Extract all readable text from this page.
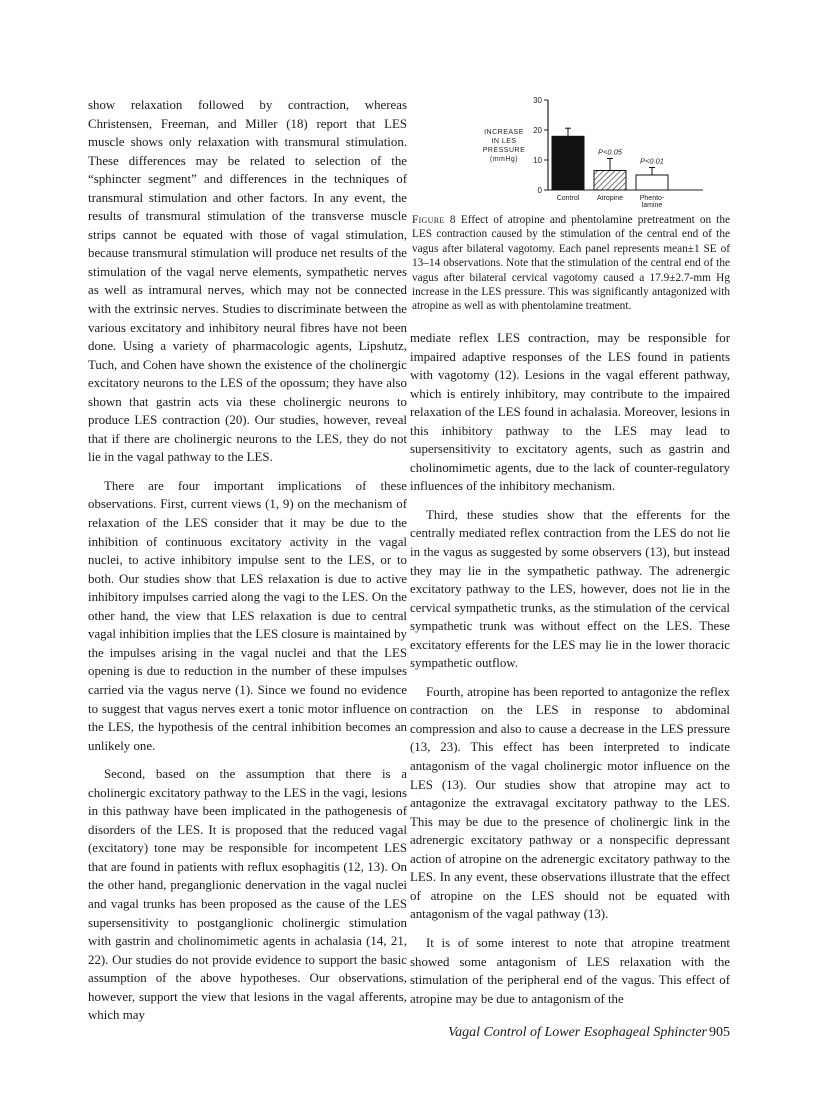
show relaxation followed by contraction, whereas Christensen, Freeman, and Miller (18) report that LES muscle shows only relaxation with transmural stimulation. These differences may be related to selection of the “sphincter segment” and differences in the techniques of transmural stimulation and other factors. In any event, the results of transmural stimulation of the transverse muscle strips cannot be equated with those of vagal stimulation, because transmural stimulation will produce net results of the stimulation of the vagal nerve elements, sympathetic nerves as well as intramural nerves, which may not be connected with the extrinsic nerves. Studies to discriminate between the various excitatory and inhibitory neural fibres have not been done. Using a variety of pharmacologic agents, Lipshutz, Tuch, and Cohen have shown the existence of the cholinergic excitatory neurons to the LES of the opossum; they have also shown that gastrin acts via these cholinergic neurons to produce LES contraction (20). Our studies, however, reveal that if there are cholinergic neurons to the LES, they do not lie in the vagal pathway to the LES.

There are four important implications of these observations. First, current views (1, 9) on the mechanism of relaxation of the LES consider that it may be due to the inhibition of continuous excitatory activity in the vagal nuclei, to active inhibitory impulse sent to the LES, or to both. Our studies show that LES relaxation is due to active inhibitory impulses carried along the vagi to the LES. On the other hand, the view that LES relaxation is due to central vagal inhibition implies that the LES closure is maintained by the impulses arising in the vagal nuclei and that the LES opening is due to reduction in the number of these impulses carried via the vagus nerve (1). Since we found no evidence to suggest that vagus nerves exert a tonic motor influence on the LES, the hypothesis of the central inhibition becomes an unlikely one.

Second, based on the assumption that there is a cholinergic excitatory pathway to the LES in the vagi, lesions in this pathway have been implicated in the pathogenesis of disorders of the LES. It is proposed that the reduced vagal (excitatory) tone may be responsible for incompetent LES that are found in patients with reflux esophagitis (12, 13). On the other hand, preganglionic denervation in the vagal nuclei and vagal trunks has been proposed as the cause of the LES supersensitivity to postganglionic cholinergic stimulation with gastrin and cholinomimetic agents in achalasia (14, 21, 22). Our studies do not provide evidence to support the basic assumption of the above hypotheses. Our observations, however, support the view that lesions in the vagal afferents, which may

0
10
20
30
INCREASE IN LES PRESSURE (mmHg)
Control
P<0.05
Atropine
P<0.01
Phento-lamine

Figure 8 Effect of atropine and phentolamine pretreatment on the LES contraction caused by the stimulation of the central end of the vagus after bilateral vagotomy. Each panel represents mean±1 SE of 13–14 observations. Note that the stimulation of the central end of the vagus after bilateral cervical vagotomy caused a 17.9±2.7-mm Hg increase in the LES pressure. This was significantly antagonized with atropine as well as with phentolamine treatment.

mediate reflex LES contraction, may be responsible for impaired adaptive responses of the LES found in patients with vagotomy (12). Lesions in the vagal efferent pathway, which is entirely inhibitory, may contribute to the impaired relaxation of the LES found in achalasia. Moreover, lesions in this inhibitory pathway to the LES may lead to supersensitivity to excitatory agents, such as gastrin and cholinomimetic agents, due to the lack of counter-regulatory influences of the inhibitory mechanism.

Third, these studies show that the efferents for the centrally mediated reflex contraction from the LES do not lie in the vagus as suggested by some observers (13), but instead they may lie in the sympathetic pathway. The adrenergic excitatory pathway to the LES, however, does not lie in the cervical sympathetic trunks, as the stimulation of the cervical sympathetic trunk was without effect on the LES. These excitatory efferents for the LES may lie in the lower thoracic sympathetic outflow.

Fourth, atropine has been reported to antagonize the reflex contraction on the LES in response to abdominal compression and also to cause a decrease in the LES pressure (13, 23). This effect has been interpreted to indicate antagonism of the vagal cholinergic motor influence on the LES (13). Our studies show that atropine may act to antagonize the extravagal excitatory pathway to the LES. This may be due to the presence of cholinergic link in the adrenergic excitatory pathway or a nonspecific depressant action of atropine on the adrenergic excitatory pathway to the LES. In any event, these observations illustrate that the effect of atropine on the LES should not be equated with antagonism of the vagal pathway (13).

It is of some interest to note that atropine treatment showed some antagonism of LES relaxation with the stimulation of the peripheral end of the vagus. This effect of atropine may be due to antagonism of the

Vagal Control of Lower Esophageal Sphincter 905
